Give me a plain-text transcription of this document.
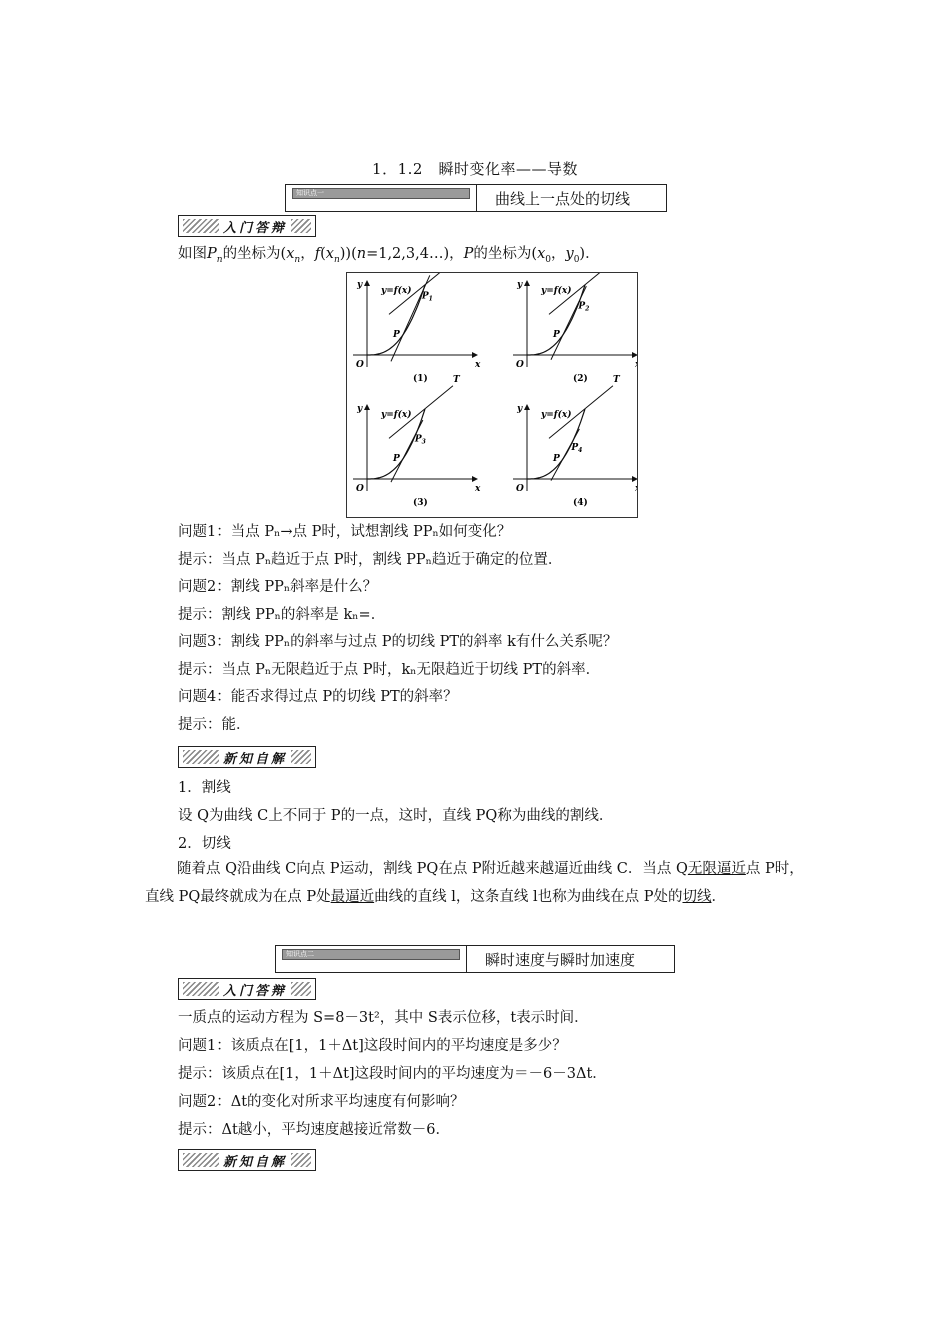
1．1.2　瞬时变化率——导数
知识点一	曲线上一点处的切线
入门答辩
如图$P_n$的坐标为($x_n$，$f(x_n))(n=1,2,3,4\dots)$，P的坐标为($x_0$，$y_0$)．
y
x
O
y=f(x)
P
$P_1$
(1)
y
O
y=f(x)
P
$P_2$
(2)
y
x
O
y=f(x)
P
$P_3$
T
(3)
y
O
y=f(x)
P
$P_4$
T
(4)
问题1：当点 Pₙ→点 P时，试想割线 PPₙ如何变化？
提示：当点 Pₙ趋近于点 P时，割线 PPₙ趋近于确定的位置．
问题2：割线 PPₙ斜率是什么？
提示：割线 PPₙ的斜率是 kₙ=．
问题3：割线 PPₙ的斜率与过点 P的切线 PT的斜率 k有什么关系呢？
提示：当点 Pₙ无限趋近于点 P时，kₙ无限趋近于切线 PT的斜率．
问题4：能否求得过点 P的切线 PT的斜率？
提示：能．
新知自解
1．割线
设 Q为曲线 C上不同于 P的一点，这时，直线 PQ称为曲线的割线．
2．切线
随着点 Q沿曲线 C向点 P运动，割线 PQ在点 P附近越来越逼近曲线 C．当点 Q无限逼近点 P时，直线 PQ最终就成为在点 P处最逼近曲线的直线 l，这条直线 l也称为曲线在点 P处的切线．
知识点二	瞬时速度与瞬时加速度
入门答辩
一质点的运动方程为 S=8－3t²，其中 S表示位移，t表示时间．
问题1：该质点在[1，1＋Δt]这段时间内的平均速度是多少？
提示：该质点在[1，1＋Δt]这段时间内的平均速度为＝－6－3Δt．
问题2：Δt的变化对所求平均速度有何影响？
提示：Δt越小，平均速度越接近常数－6．
新知自解
